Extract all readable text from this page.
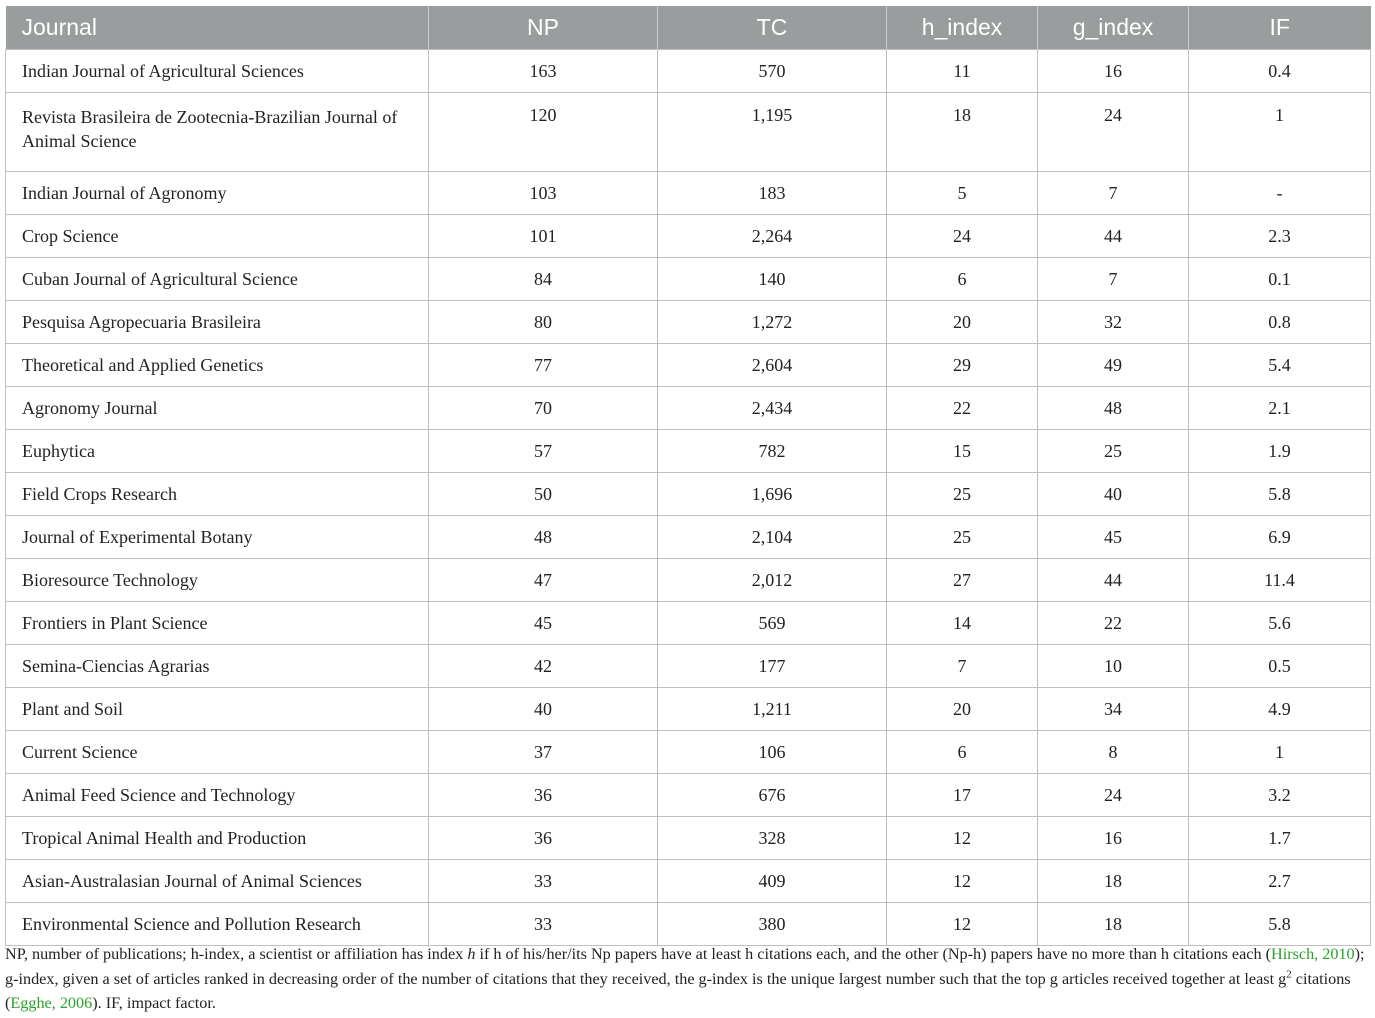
Journal	NP	TC	h_index	g_index	IF
Indian Journal of Agricultural Sciences	163	570	11	16	0.4
Revista Brasileira de Zootecnia-Brazilian Journal of Animal Science	120	1,195	18	24	1
Indian Journal of Agronomy	103	183	5	7	-
Crop Science	101	2,264	24	44	2.3
Cuban Journal of Agricultural Science	84	140	6	7	0.1
Pesquisa Agropecuaria Brasileira	80	1,272	20	32	0.8
Theoretical and Applied Genetics	77	2,604	29	49	5.4
Agronomy Journal	70	2,434	22	48	2.1
Euphytica	57	782	15	25	1.9
Field Crops Research	50	1,696	25	40	5.8
Journal of Experimental Botany	48	2,104	25	45	6.9
Bioresource Technology	47	2,012	27	44	11.4
Frontiers in Plant Science	45	569	14	22	5.6
Semina-Ciencias Agrarias	42	177	7	10	0.5
Plant and Soil	40	1,211	20	34	4.9
Current Science	37	106	6	8	1
Animal Feed Science and Technology	36	676	17	24	3.2
Tropical Animal Health and Production	36	328	12	16	1.7
Asian-Australasian Journal of Animal Sciences	33	409	12	18	2.7
Environmental Science and Pollution Research	33	380	12	18	5.8
NP, number of publications; h-index, a scientist or affiliation has index h if h of his/her/its Np papers have at least h citations each, and the other (Np-h) papers have no more than h citations each (Hirsch, 2010); g-index, given a set of articles ranked in decreasing order of the number of citations that they received, the g-index is the unique largest number such that the top g articles received together at least $g^2$ citations (Egghe, 2006). IF, impact factor.
